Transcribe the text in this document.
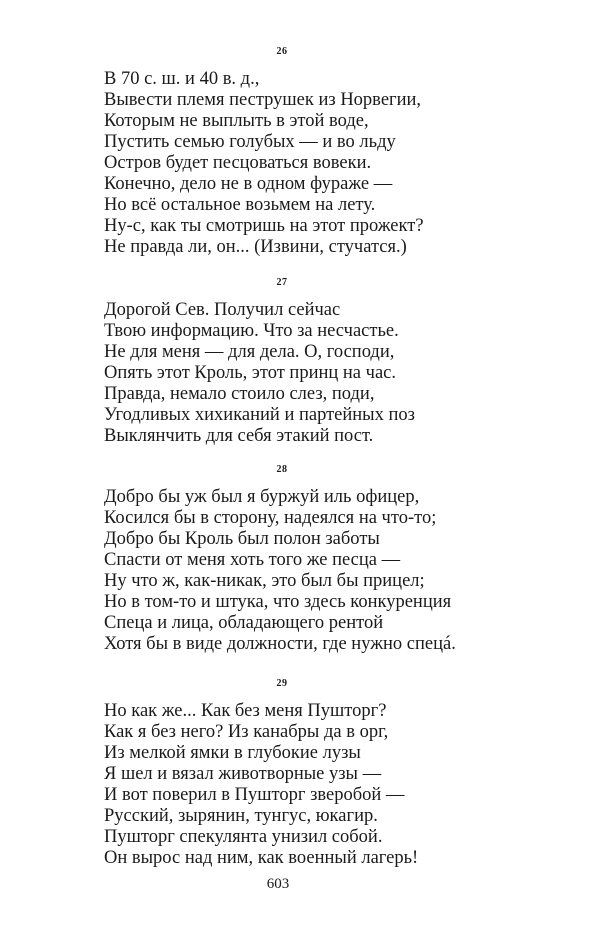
26
В 70 с. ш. и 40 в. д.,
Вывести племя пеструшек из Норвегии,
Которым не выплыть в этой воде,
Пустить семью голубых — и во льду
Остров будет песцоваться вовеки.
Конечно, дело не в одном фураже —
Но всё остальное возьмем на лету.
Ну-с, как ты смотришь на этот прожект?
Не правда ли, он... (Извини, стучатся.)
27
Дорогой Сев. Получил сейчас
Твою информацию. Что за несчастье.
Не для меня — для дела. О, господи,
Опять этот Кроль, этот принц на час.
Правда, немало стоило слез, поди,
Угодливых хихиканий и партейных поз
Выклянчить для себя этакий пост.
28
Добро бы уж был я буржуй иль офицер,
Косился бы в сторону, надеялся на что-то;
Добро бы Кроль был полон заботы
Спасти от меня хоть того же песца —
Ну что ж, как-никак, это был бы прицел;
Но в том-то и штука, что здесь конкуренция
Спеца и лица, обладающего рентой
Хотя бы в виде должности, где нужно спецá.
29
Но как же... Как без меня Пушторг?
Как я без него? Из канабры да в орг,
Из мелкой ямки в глубокие лузы
Я шел и вязал животворные узы —
И вот поверил в Пушторг зверобой —
Русский, зырянин, тунгус, юкагир.
Пушторг спекулянта унизил собой.
Он вырос над ним, как военный лагерь!
603
